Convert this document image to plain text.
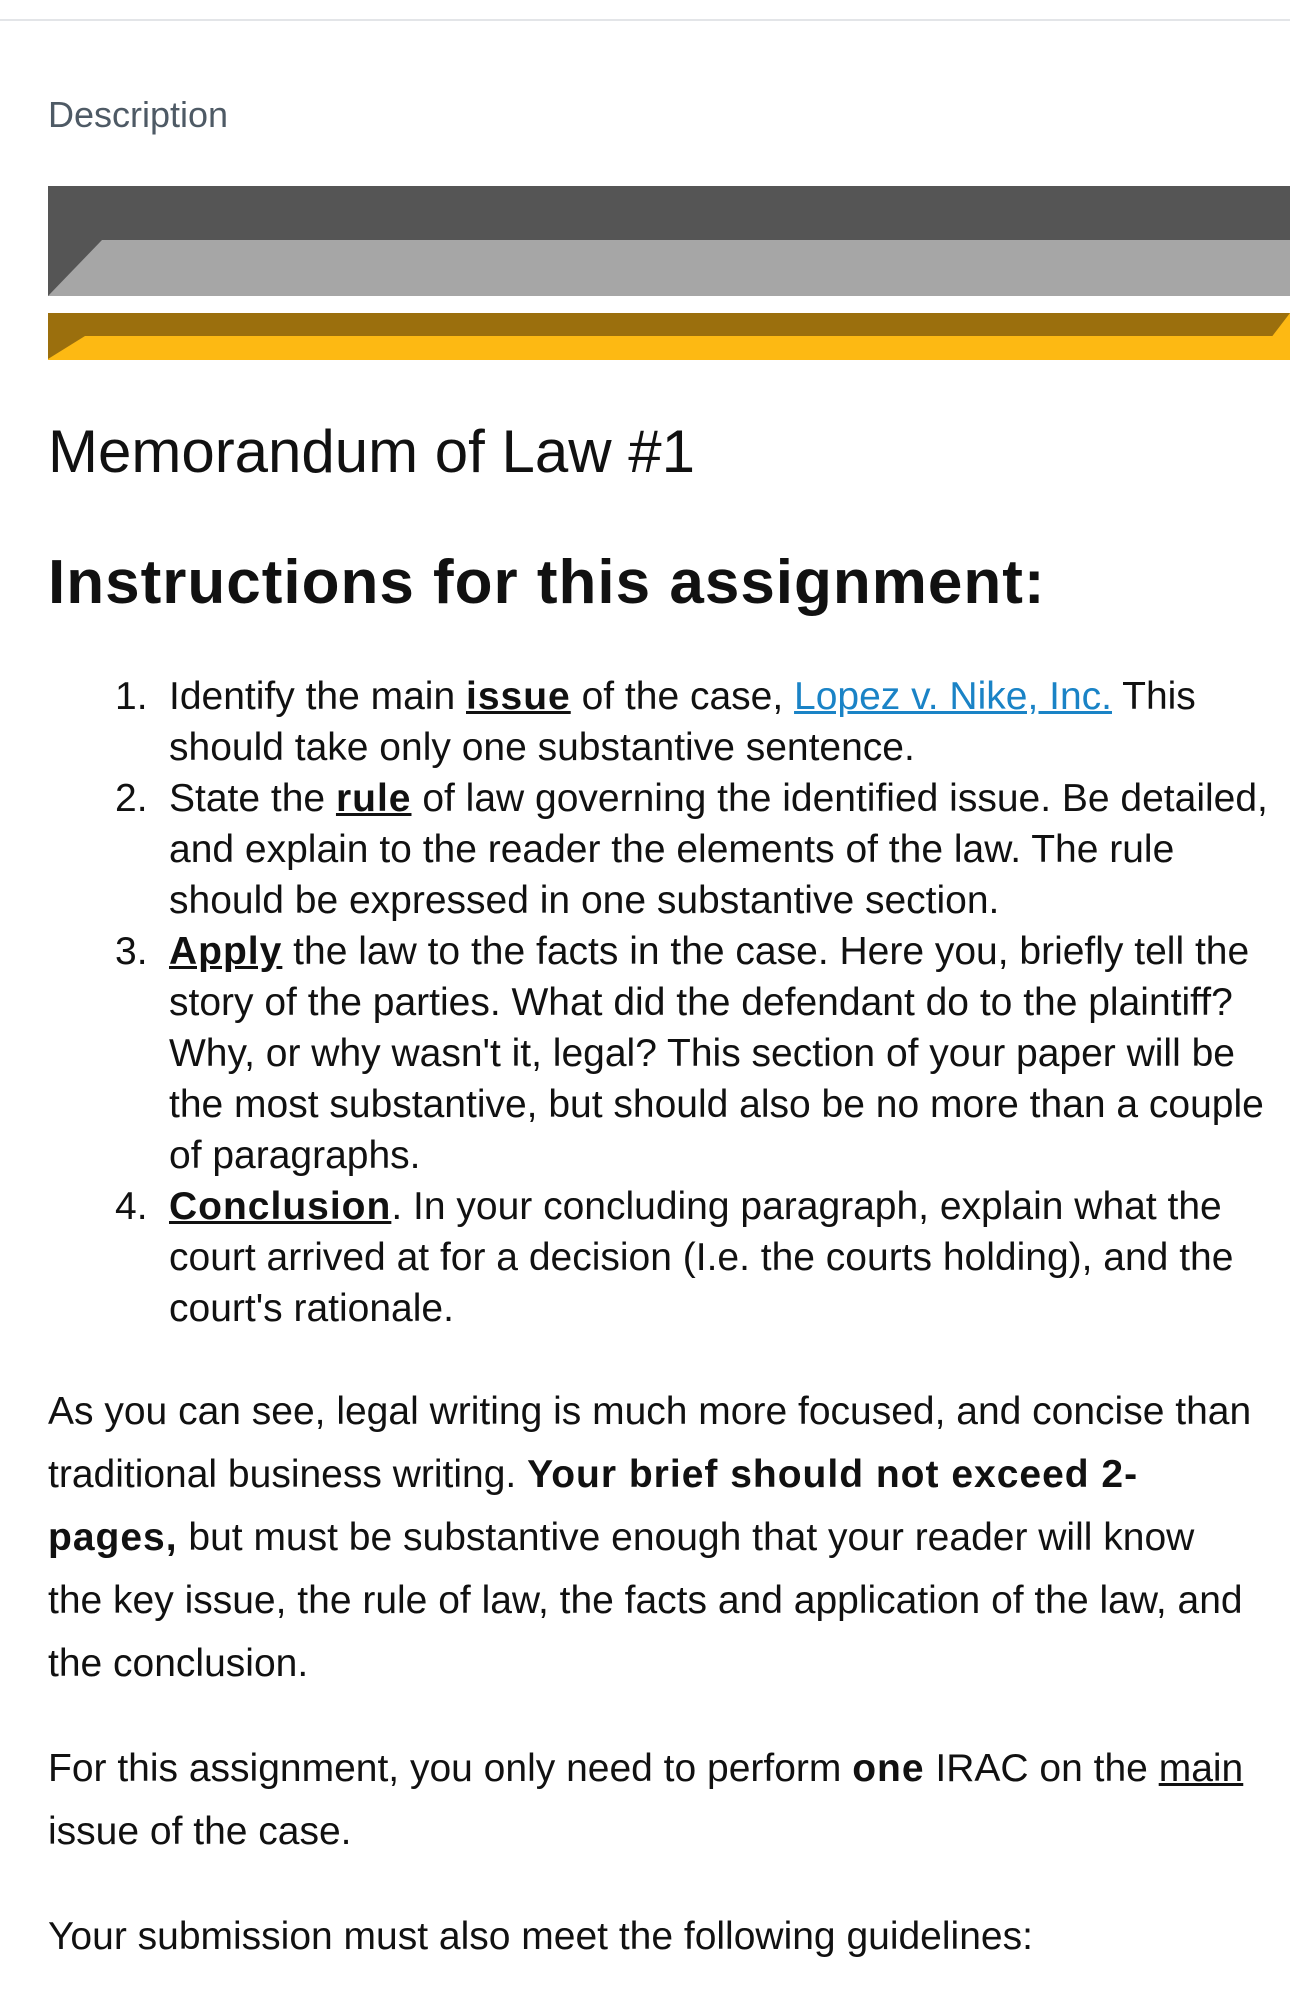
Description
Memorandum of Law #1
Instructions for this assignment:
1. Identify the main issue of the case, Lopez v. Nike, Inc. This should take only one substantive sentence.
2. State the rule of law governing the identified issue. Be detailed, and explain to the reader the elements of the law. The rule should be expressed in one substantive section.
3. Apply the law to the facts in the case. Here you, briefly tell the story of the parties. What did the defendant do to the plaintiff? Why, or why wasn't it, legal? This section of your paper will be the most substantive, but should also be no more than a couple of paragraphs.
4. Conclusion. In your concluding paragraph, explain what the court arrived at for a decision (I.e. the courts holding), and the court's rationale.

As you can see, legal writing is much more focused, and concise than traditional business writing. Your brief should not exceed 2-pages, but must be substantive enough that your reader will know the key issue, the rule of law, the facts and application of the law, and the conclusion.

For this assignment, you only need to perform one IRAC on the main issue of the case.

Your submission must also meet the following guidelines:
